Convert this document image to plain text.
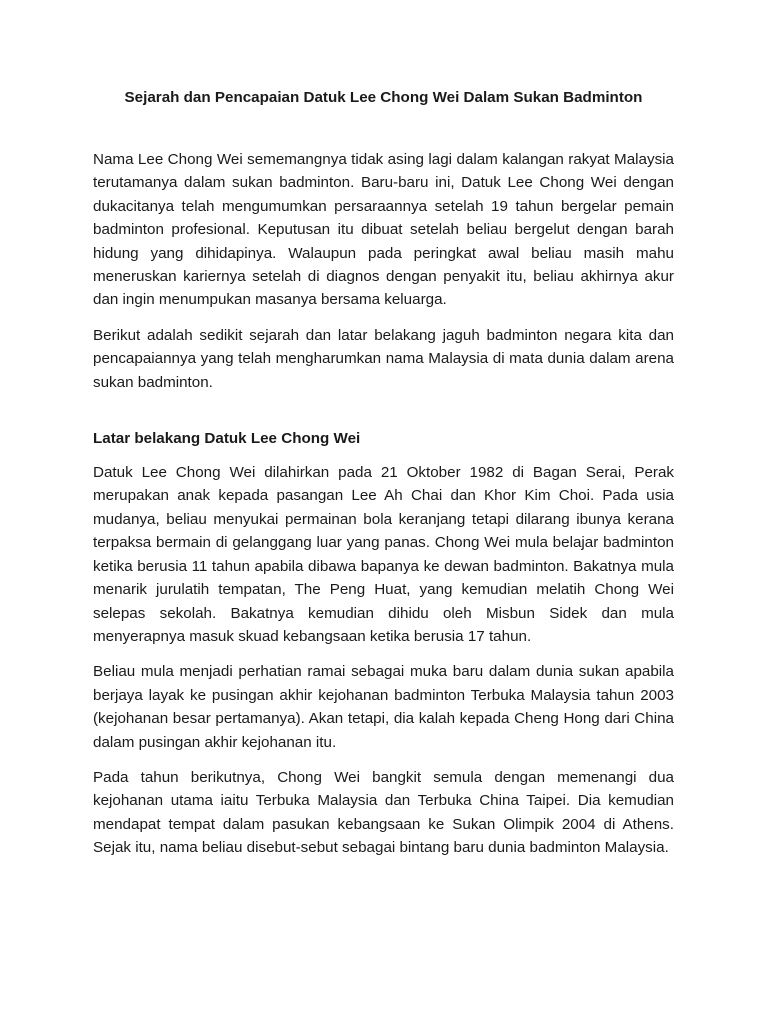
Sejarah dan Pencapaian Datuk Lee Chong Wei Dalam Sukan Badminton

Nama Lee Chong Wei sememangnya tidak asing lagi dalam kalangan rakyat Malaysia terutamanya dalam sukan badminton. Baru-baru ini, Datuk Lee Chong Wei dengan dukacitanya telah mengumumkan persaraannya setelah 19 tahun bergelar pemain badminton profesional. Keputusan itu dibuat setelah beliau bergelut dengan barah hidung yang dihidapinya. Walaupun pada peringkat awal beliau masih mahu meneruskan kariernya setelah di diagnos dengan penyakit itu, beliau akhirnya akur dan ingin menumpukan masanya bersama keluarga.

Berikut adalah sedikit sejarah dan latar belakang jaguh badminton negara kita dan pencapaiannya yang telah mengharumkan nama Malaysia di mata dunia dalam arena sukan badminton.

Latar belakang Datuk Lee Chong Wei

Datuk Lee Chong Wei dilahirkan pada 21 Oktober 1982 di Bagan Serai, Perak merupakan anak kepada pasangan Lee Ah Chai dan Khor Kim Choi. Pada usia mudanya, beliau menyukai permainan bola keranjang tetapi dilarang ibunya kerana terpaksa bermain di gelanggang luar yang panas. Chong Wei mula belajar badminton ketika berusia 11 tahun apabila dibawa bapanya ke dewan badminton. Bakatnya mula menarik jurulatih tempatan, The Peng Huat, yang kemudian melatih Chong Wei selepas sekolah. Bakatnya kemudian dihidu oleh Misbun Sidek dan mula menyerapnya masuk skuad kebangsaan ketika berusia 17 tahun.

Beliau mula menjadi perhatian ramai sebagai muka baru dalam dunia sukan apabila berjaya layak ke pusingan akhir kejohanan badminton Terbuka Malaysia tahun 2003 (kejohanan besar pertamanya). Akan tetapi, dia kalah kepada Cheng Hong dari China dalam pusingan akhir kejohanan itu.

Pada tahun berikutnya, Chong Wei bangkit semula dengan memenangi dua kejohanan utama iaitu Terbuka Malaysia dan Terbuka China Taipei. Dia kemudian mendapat tempat dalam pasukan kebangsaan ke Sukan Olimpik 2004 di Athens. Sejak itu, nama beliau disebut-sebut sebagai bintang baru dunia badminton Malaysia.
